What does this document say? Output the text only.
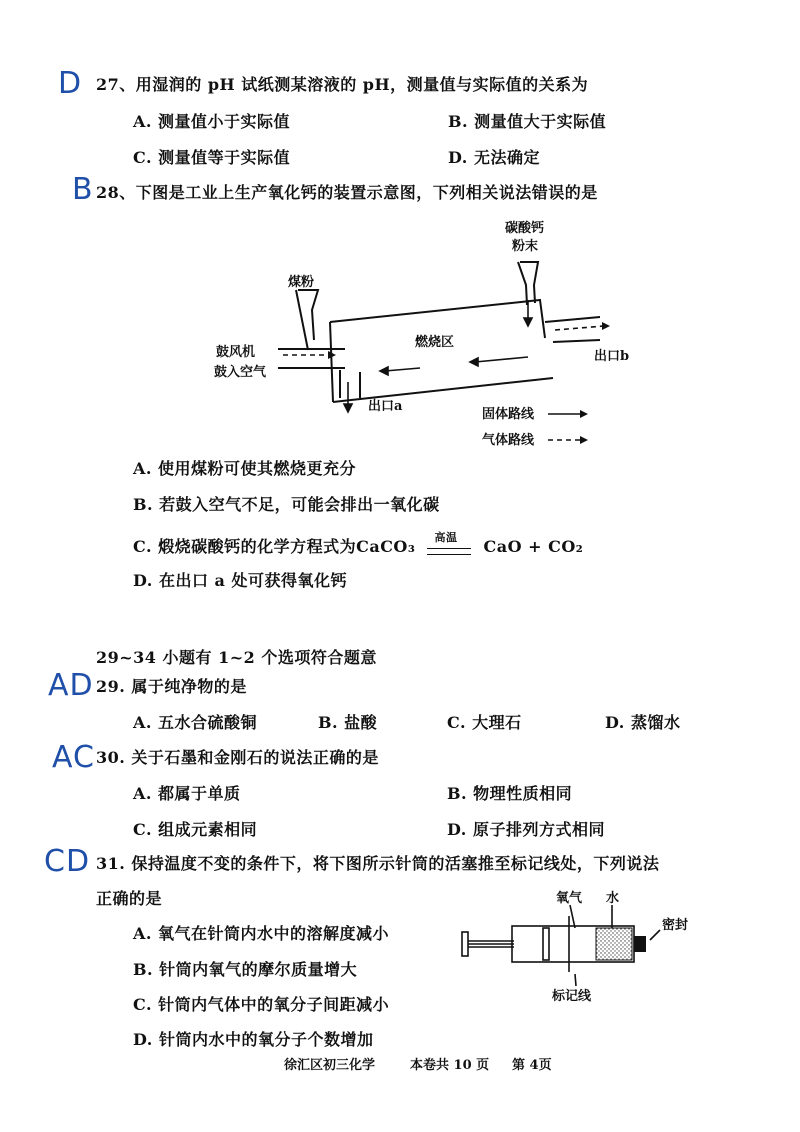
D 27、用湿润的 pH 试纸测某溶液的 pH，测量值与实际值的关系为
A. 测量值小于实际值	B. 测量值大于实际值
C. 测量值等于实际值	D. 无法确定
B 28、下图是工业上生产氧化钙的装置示意图，下列相关说法错误的是
碳酸钙
粉末
煤粉
鼓风机
鼓入空气
燃烧区
出口b
出口a
固体路线
气体路线
A. 使用煤粉可使其燃烧更充分
B. 若鼓入空气不足，可能会排出一氧化碳
C. 煅烧碳酸钙的化学方程式为CaCO₃ 高温 CaO + CO₂
D. 在出口 a 处可获得氧化钙
29~34 小题有 1~2 个选项符合题意
AD 29. 属于纯净物的是
A. 五水合硫酸铜	B. 盐酸	C. 大理石	D. 蒸馏水
AC 30. 关于石墨和金刚石的说法正确的是
A. 都属于单质	B. 物理性质相同
C. 组成元素相同	D. 原子排列方式相同
CD 31. 保持温度不变的条件下，将下图所示针筒的活塞推至标记线处，下列说法
正确的是
A. 氧气在针筒内水中的溶解度减小
B. 针筒内氧气的摩尔质量增大
C. 针筒内气体中的氧分子间距减小
D. 针筒内水中的氧分子个数增加
氧气 水
密封
标记线
徐汇区初三化学	本卷共 10 页 第 4页
